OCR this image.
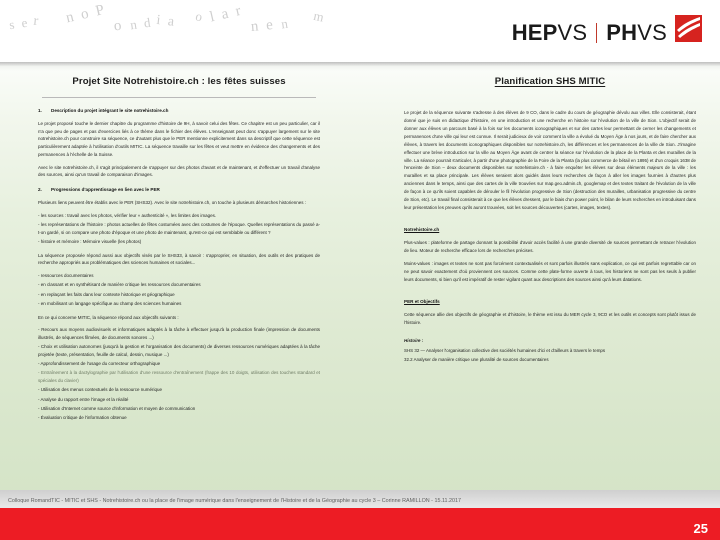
s e r n o P o n d i a o l a r n e n m
HEPVS PHVS
Projet Site Notrehistoire.ch : les fêtes suisses
1. Description du projet intégrant le site notrehistoire.ch

Le projet proposé touche le dernier chapitre du programme d'histoire de 9H, à savoir celui des fêtes. Ce chapitre est un peu particulier, car il n'a que peu de pages et pas d'exercices liés à ce thème dans le fichier des élèves. L'enseignant peut donc s'appuyer largement sur le site notrehistoire.ch pour construire sa séquence, ce d'autant plus que le PER mentionne explicitement dans sa descriptif que cette séquence est particulièrement adaptée à l'utilisation d'outils MITIC. La séquence travaille sur les fêtes et veut mettre en évidence des changements et des permanences à l'échelle de la Suisse.

Avec le site notrehistoire.ch, il s'agit principalement de s'appuyer sur des photos d'avant et de maintenant, et d'effectuer un travail d'analyse des sources, ainsi qu'un travail de comparaison d'images.

2. Progressions d'apprentissage en lien avec le PER

Plusieurs liens peuvent être établis avec le PER (SHS32). Avec le site notrehistoire.ch, on touche à plusieurs démarches historiennes :

- les sources : travail avec les photos, vérifier leur « authenticité », les limites des images.

- les représentations de l'histoire : photos actuelles de fêtes costumées avec des costumes de l'époque. Quelles représentations du passé a-t-on gardé, si on compare une photo d'époque et une photo de maintenant, qu'est-ce qui est semblable ou différent ?

- histoire et mémoire : Mémoire visuelle (les photos)

La séquence proposée répond aussi aux objectifs visés par le SHS33, à savoir : s'approprier, en situation, des outils et des pratiques de recherche appropriés aux problématiques des sciences humaines et sociales...

- ressources documentaires

- en classant et en synthétisant de manière critique les ressources documentaires

- en replaçant les faits dans leur contexte historique et géographique

- en mobilisant un langage spécifique au champ des sciences humaines

En ce qui concerne MITIC, la séquence répond aux objectifs suivants :

- Recours aux moyens audiovisuels et informatiques adaptés à la tâche à effectuer jusqu'à la production finale (impression de documents illustrés, de séquences filmées, de documents sonores ...)

- Choix et utilisation autonomes (jusqu'à la gestion et l'organisation des documents) de diverses ressources numériques adaptées à la tâche projetée (texte, présentation, feuille de calcul, dessin, musique ...)

- Approfondissement de l'usage du correcteur orthographique

- Entraînement à la dactylographie par l'utilisation d'une ressource d'entraînement (frappe des 10 doigts, utilisation des touches standard et spéciales du clavier)

- Utilisation des menus contextuels de la ressource numérique

- Analyse du rapport entre l'image et la réalité

- Utilisation d'Internet comme source d'information et moyen de communication

- Évaluation critique de l'information obtenue

Planification SHS MITIC

Le projet de la séquence suivante s'adresse à des élèves de 9 CO, dans le cadre du cours de géographie dévolu aux villes. Elle consisterait, étant donné que je suis en didactique d'histoire, en une introduction et une recherche en histoire sur l'évolution de la ville de Sion. L'objectif serait de donner aux élèves un parcours basé à la fois sur les documents iconographiques et sur des cartes leur permettant de cerner les changements et permanences d'une ville qui leur est connue. Il serait judicieux de voir comment la ville a évolué du Moyen Âge à nos jours, et de faire chercher aux élèves, à travers les documents iconographiques disponibles sur notrehistoire.ch, les différences et les permanences de la ville de Sion. J'imagine effectuer une brève introduction sur la ville au Moyen Âge avant de centrer la séance sur l'évolution de la place de la Planta et des murailles de la ville. La séance pourrait s'articuler, à partir d'une photographie de la Foire de la Planta (la plus commerce de bétail en 1895) et d'un croquis 1638 de l'enceinte de Sion – deux documents disponibles sur notrehistoire.ch - à faire enquêter les élèves sur deux éléments majeurs de la ville : les murailles et sa place principale. Les élèves seraient alors guidés dans leurs recherches de façon à aller les images fournies à d'autres plus anciennes dans le temps, ainsi que des cartes de la ville trouvées sur map.geo.admin.ch, googlemap et des textes traitant de l'évolution de la ville de façon à ce qu'ils soient capables de dérouler le fil l'évolution progressive de Sion (destruction des murailles, urbanisation progressive du centre de Sion, etc). Le travail final consisterait à ce que les élèves dressent, par le biais d'un power point, le bilan de leurs recherches en introduisant dans leur présentation les preuves qu'ils auront trouvées, soit les sources découvertes (cartes, images, textes).

Notrehistoire.ch

Plus-values : plateforme de partage donnant la possibilité d'avoir accès facilité à une grande diversité de sources permettant de retracer l'évolution de lieu. Moteur de recherche efficace lors de recherches précises.

Moins-values : images et textes ne sont pas forcément contextualisés et sont parfois illustrés sans explication, ce qui est parfois regrettable car on ne peut savoir exactement d'où proviennent ces sources. Comme cette plate-forme ouverte à tous, les historiens ne sont pas les seuls à publier leurs documents, si bien qu'il est impératif de rester vigilant quant aux descriptions des sources ainsi qu'à leurs datations.

PER et Objectifs

Cette séquence allie des objectifs de géographie et d'histoire, le thème est issu du MER cycle 3, 9CO et les outils et concepts sont plutôt issus de l'histoire.

Histoire :

SHS 32 — Analyser l'organisation collective des sociétés humaines d'ici et d'ailleurs à travers le temps

32.2 Analyser de manière critique une pluralité de sources documentaires

Colloque RomandTIC - MITIC et SHS - Notrehistoire.ch ou la place de l'image numérique dans l'enseignement de l'Histoire et de la Géographie au cycle 3 – Corinne RAMILLON - 15.11.2017
25
